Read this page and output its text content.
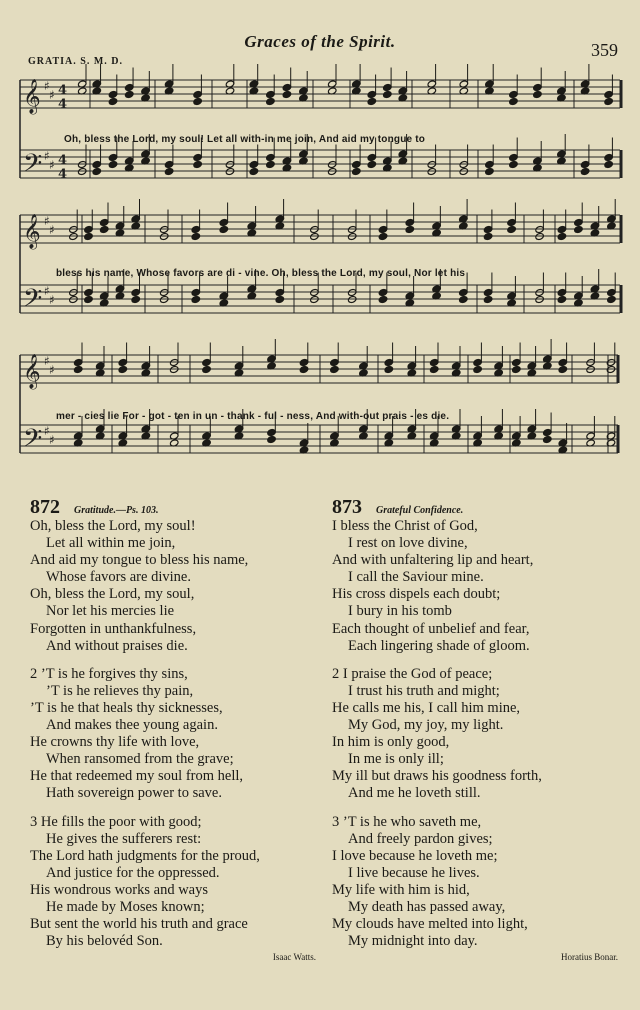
Graces of the Spirit.	359
GRATIA. S. M. D.
𝄞 ♯
♯ 4
4
𝄢 ♯
♯ 4
4
𝄞 ♯
♯
𝄢 ♯
♯
𝄞 ♯
♯
𝄢 ♯
♯
Oh, bless the Lord, my soul! Let all with-in me join, And aid my tongue to
bless his name, Whose favors are di - vine. Oh, bless the Lord, my soul, Nor let his
mer - cies lie For - got - ten in un - thank - ful - ness, And with-out prais - es die.
872 Gratitude.—Ps. 103.
Oh, bless the Lord, my soul!
Let all within me join,
And aid my tongue to bless his name,
Whose favors are divine.
Oh, bless the Lord, my soul,
Nor let his mercies lie
Forgotten in unthankfulness,
And without praises die.
2 ’T is he forgives thy sins,
’T is he relieves thy pain,
’T is he that heals thy sicknesses,
And makes thee young again.
He crowns thy life with love,
When ransomed from the grave;
He that redeemed my soul from hell,
Hath sovereign power to save.
3 He fills the poor with good;
He gives the sufferers rest:
The Lord hath judgments for the proud,
And justice for the oppressed.
His wondrous works and ways
He made by Moses known;
But sent the world his truth and grace
By his belovéd Son.
Isaac Watts.
873 Grateful Confidence.
I bless the Christ of God,
I rest on love divine,
And with unfaltering lip and heart,
I call the Saviour mine.
His cross dispels each doubt;
I bury in his tomb
Each thought of unbelief and fear,
Each lingering shade of gloom.
2 I praise the God of peace;
I trust his truth and might;
He calls me his, I call him mine,
My God, my joy, my light.
In him is only good,
In me is only ill;
My ill but draws his goodness forth,
And me he loveth still.
3 ’T is he who saveth me,
And freely pardon gives;
I love because he loveth me;
I live because he lives.
My life with him is hid,
My death has passed away,
My clouds have melted into light,
My midnight into day.
Horatius Bonar.
